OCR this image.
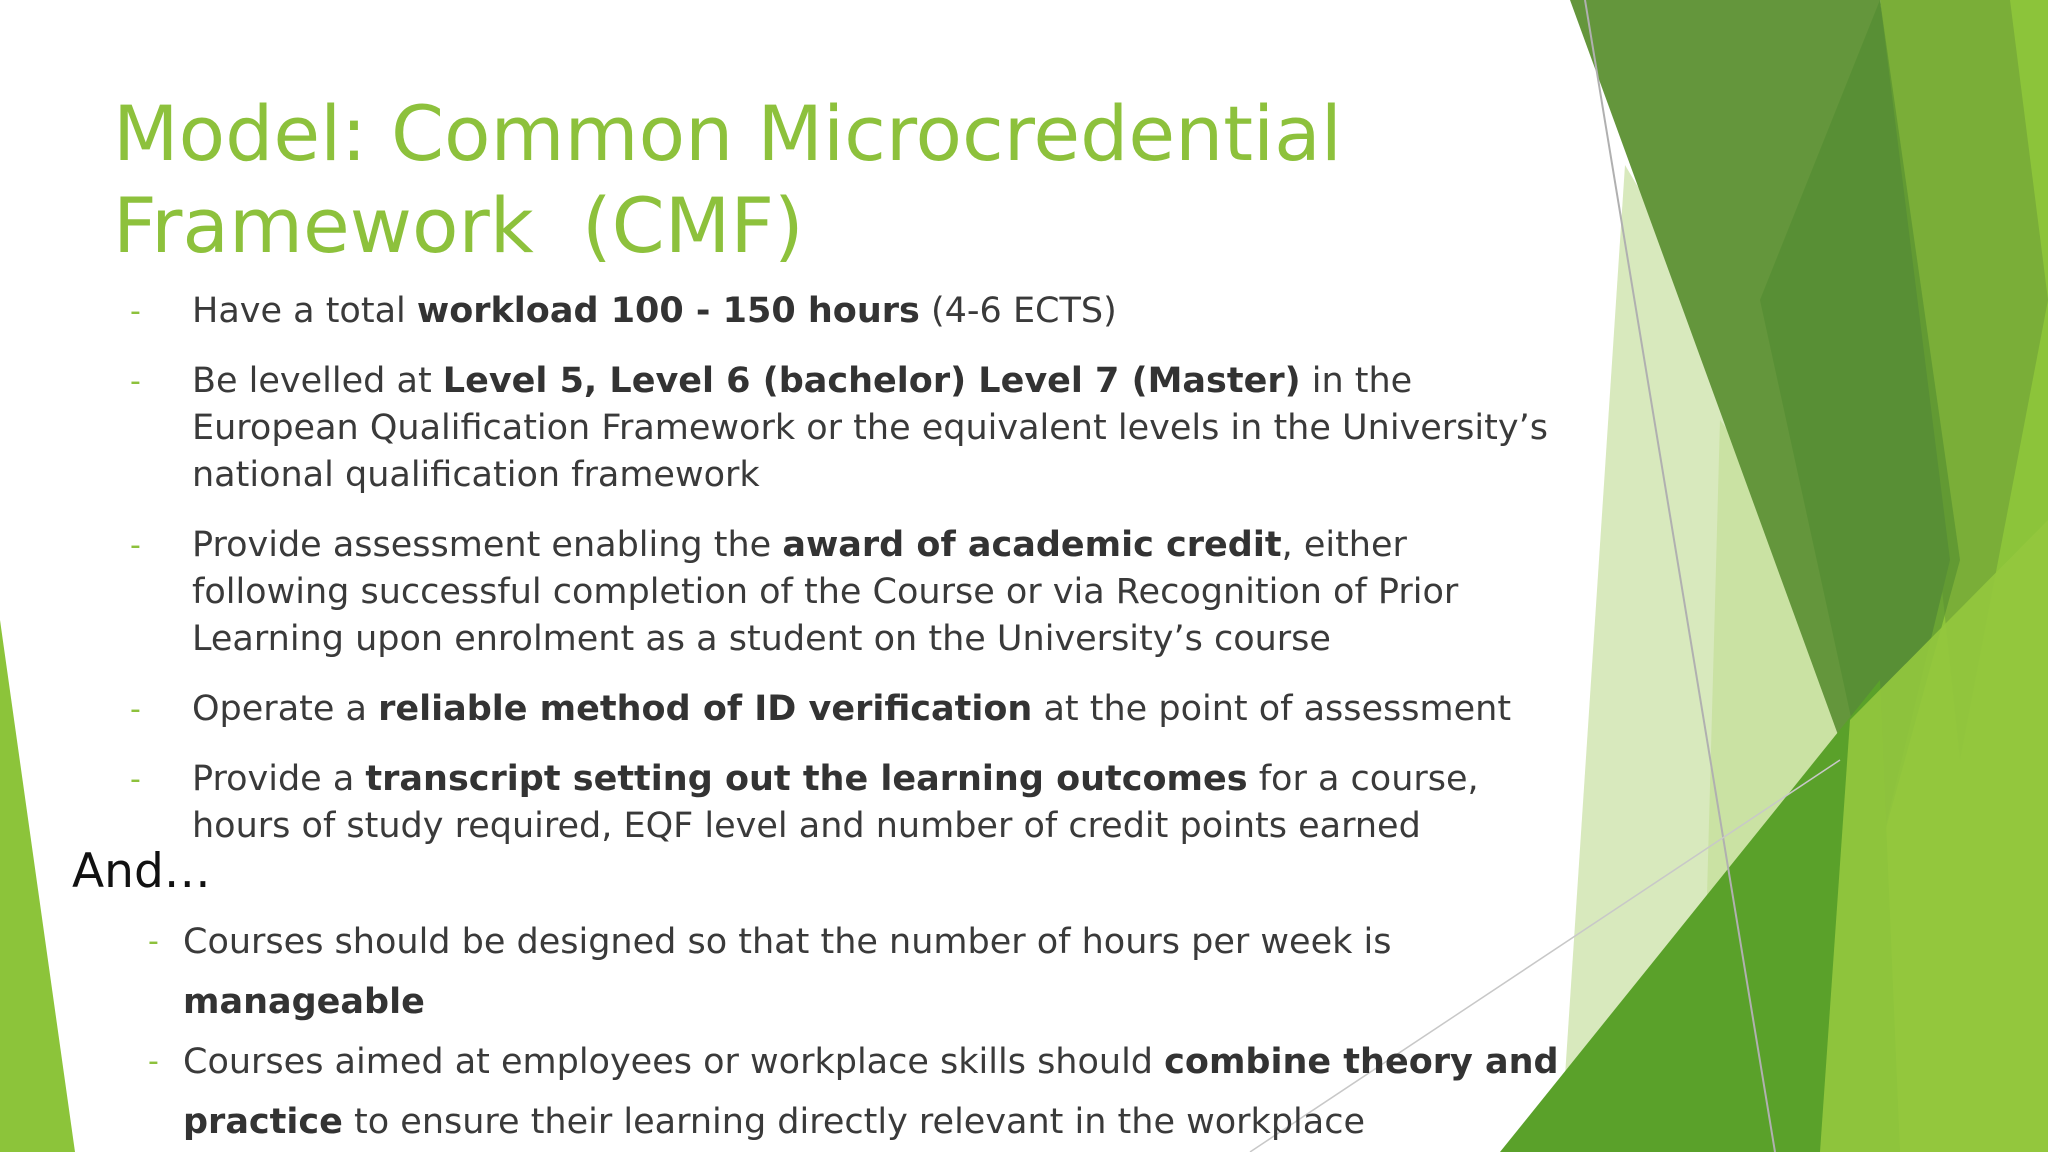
Model: Common Microcredential
Framework  (CMF)
- Have a total workload 100 - 150 hours (4-6 ECTS)
- Be levelled at Level 5, Level 6 (bachelor) Level 7 (Master) in the European Qualification Framework or the equivalent levels in the University’s national qualification framework
- Provide assessment enabling the award of academic credit, either following successful completion of the Course or via Recognition of Prior Learning upon enrolment as a student on the University’s course
- Operate a reliable method of ID verification at the point of assessment
- Provide a transcript setting out the learning outcomes for a course, hours of study required, EQF level and number of credit points earned
And…
- Courses should be designed so that the number of hours per week is manageable
- Courses aimed at employees or workplace skills should combine theory and practice to ensure their learning directly relevant in the workplace
